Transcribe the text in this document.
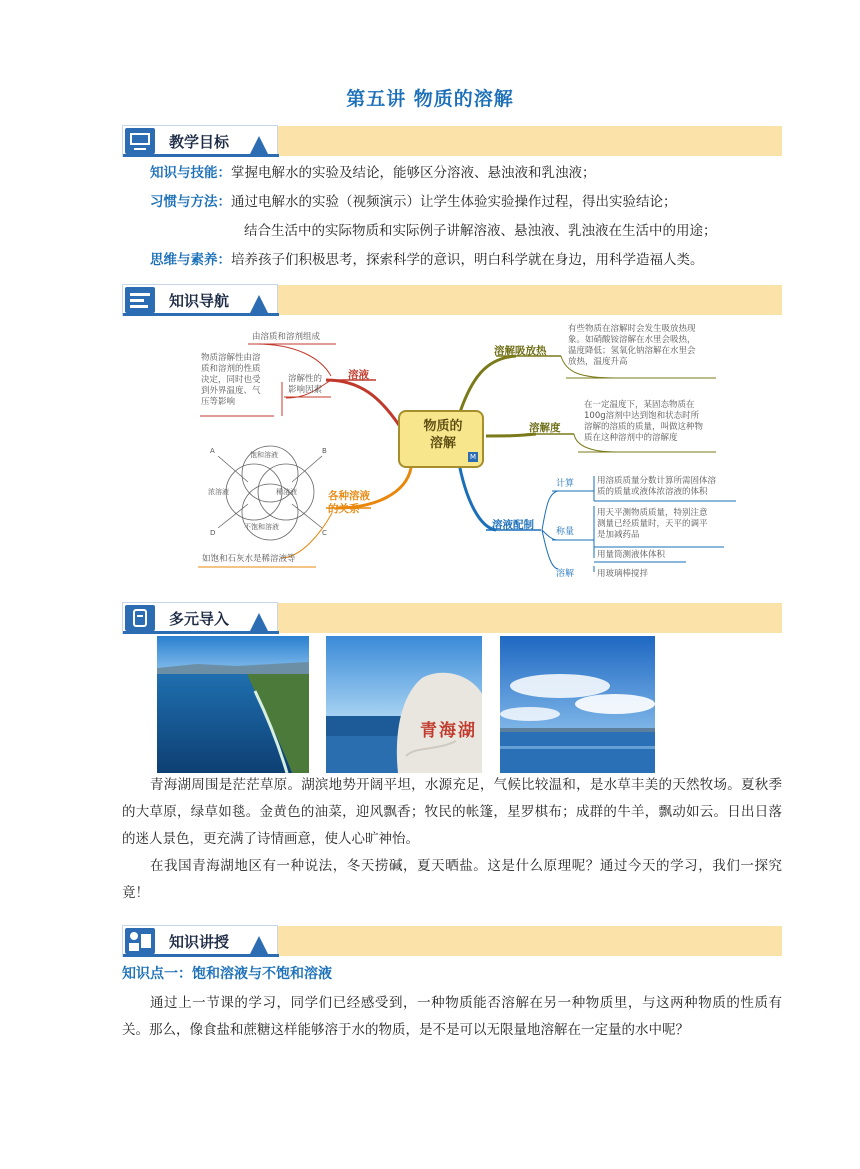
第五讲 物质的溶解
教学目标
知识与技能：掌握电解水的实验及结论，能够区分溶液、悬浊液和乳浊液；
习惯与方法：通过电解水的实验（视频演示）让学生体验实验操作过程，得出实验结论；
结合生活中的实际物质和实际例子讲解溶液、悬浊液、乳浊液在生活中的用途；
思维与素养：培养孩子们积极思考，探索科学的意识，明白科学就在身边，用科学造福人类。
知识导航
物质的
溶解
M
溶液
由溶质和溶剂组成
溶解性的
影响因素
物质溶解性由溶
质和溶剂的性质
决定，同时也受
到外界温度、气
压等影响
各种溶液
的关系
如饱和石灰水是稀溶液等
饱和溶液
浓溶液	稀溶液
不饱和溶液
A	B
C
D
溶解吸放热
有些物质在溶解时会发生吸放热现
象。如硝酸铵溶解在水里会吸热，
温度降低；氢氧化钠溶解在水里会
放热，温度升高
溶解度
在一定温度下，某固态物质在
100g溶剂中达到饱和状态时所
溶解的溶质的质量，叫做这种物
质在这种溶剂中的溶解度
溶液配制
计算	用溶质质量分数计算所需固体溶
质的质量或液体浓溶液的体积
称量
用天平测物质质量，特别注意
测量已经质量时，天平的调平
是加减药品
用量筒测液体体积
溶解	用玻璃棒搅拌
多元导入
青海湖

青海湖周围是茫茫草原。湖滨地势开阔平坦，水源充足，气候比较温和，是水草丰美的天然牧场。夏秋季的大草原，绿草如毯。金黄色的油菜，迎风飘香；牧民的帐篷，星罗棋布；成群的牛羊，飘动如云。日出日落的迷人景色，更充满了诗情画意，使人心旷神怡。

在我国青海湖地区有一种说法，冬天捞碱，夏天晒盐。这是什么原理呢？通过今天的学习，我们一探究竟！

知识讲授
知识点一：饱和溶液与不饱和溶液

通过上一节课的学习，同学们已经感受到，一种物质能否溶解在另一种物质里，与这两种物质的性质有关。那么，像食盐和蔗糖这样能够溶于水的物质，是不是可以无限量地溶解在一定量的水中呢？
